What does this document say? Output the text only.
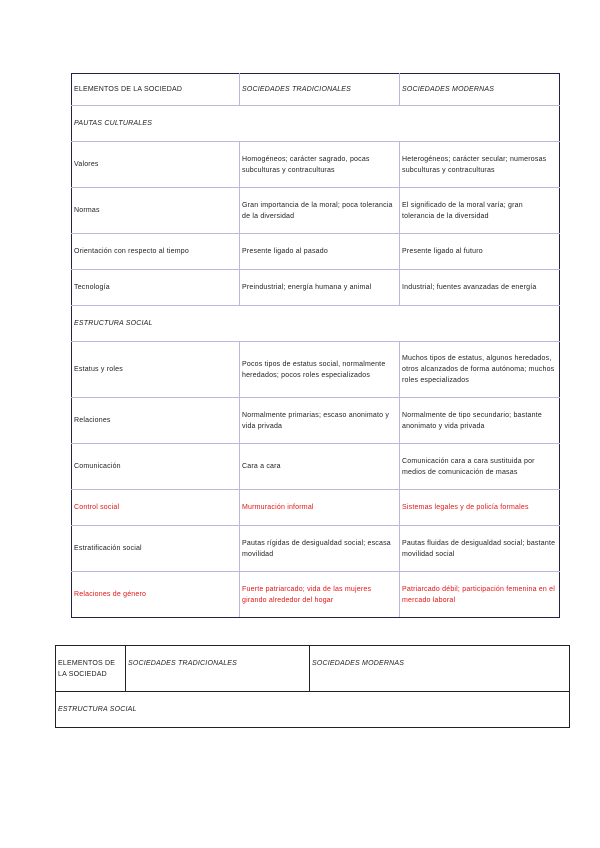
ELEMENTOS DE LA SOCIEDAD	SOCIEDADES TRADICIONALES	SOCIEDADES MODERNAS
PAUTAS CULTURALES		
Valores	Homogéneos; carácter sagrado, pocas subculturas y contraculturas	Heterogéneos; carácter secular; numerosas subculturas y contraculturas
Normas	Gran importancia de la moral; poca tolerancia de la diversidad	El significado de la moral varía; gran tolerancia de la diversidad
Orientación con respecto al tiempo	Presente ligado al pasado	Presente ligado al futuro
Tecnología	Preindustrial; energía humana y animal	Industrial; fuentes avanzadas de energía
ESTRUCTURA SOCIAL		
Estatus y roles	Pocos tipos de estatus social, normalmente heredados; pocos roles especializados	Muchos tipos de estatus, algunos heredados, otros alcanzados de forma autónoma; muchos roles especializados
Relaciones	Normalmente primarias; escaso anonimato y vida privada	Normalmente de tipo secundario; bastante anonimato y vida privada
Comunicación	Cara a cara	Comunicación cara a cara sustituida por medios de comunicación de masas
Control social	Murmuración informal	Sistemas legales y de policía formales
Estratificación social	Pautas rígidas de desigualdad social; escasa movilidad	Pautas fluidas de desigualdad social; bastante movilidad social
Relaciones de género	Fuerte patriarcado; vida de las mujeres girando alrededor del hogar	Patriarcado débil; participación femenina en el mercado laboral
ELEMENTOS DE LA SOCIEDAD	SOCIEDADES TRADICIONALES	SOCIEDADES MODERNAS
ESTRUCTURA SOCIAL
